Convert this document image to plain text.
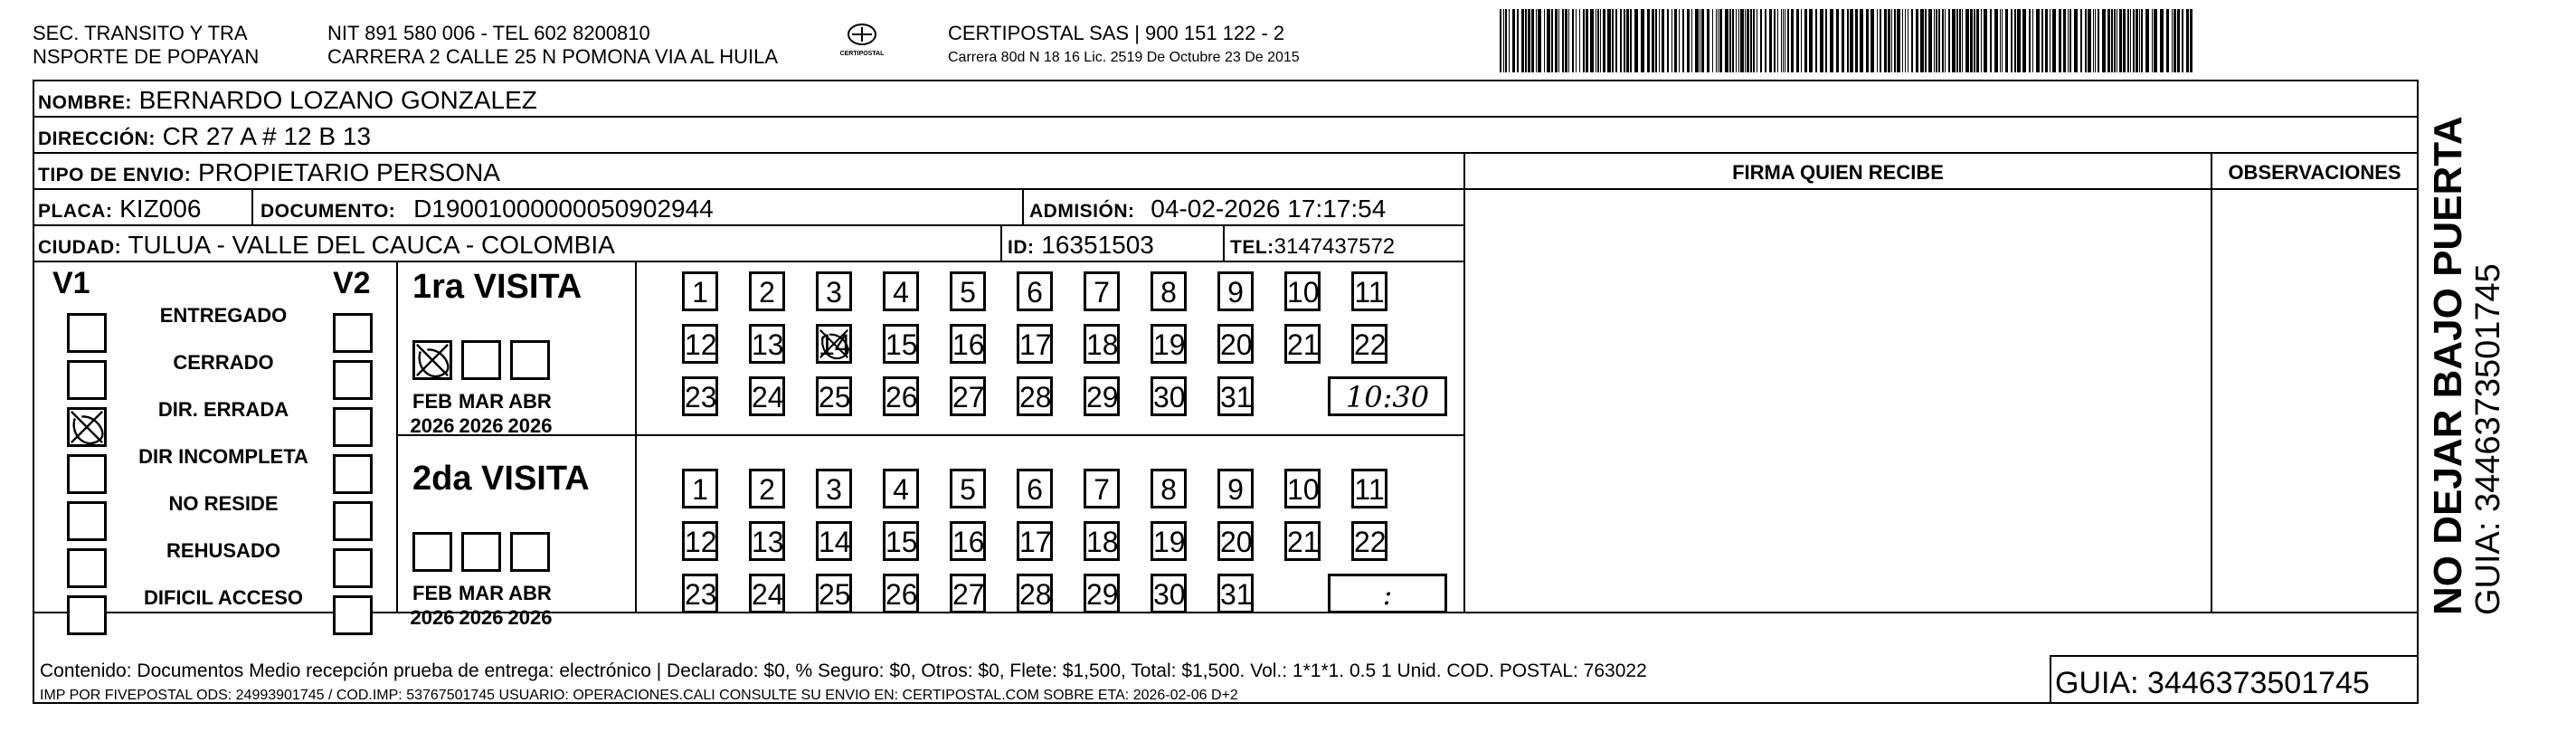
SEC. TRANSITO Y TRA
NSPORTE DE POPAYAN
NIT 891 580 006 - TEL 602 8200810
CARRERA 2 CALLE 25 N POMONA VIA AL HUILA	CERTIPOSTAL
CERTIPOSTAL SAS | 900 151 122 - 2
Carrera 80d N 18 16 Lic. 2519 De Octubre 23 De 2015
NOMBRE: BERNARDO LOZANO GONZALEZ
DIRECCIÓN: CR 27 A # 12 B 13
TIPO DE ENVIO: PROPIETARIO PERSONA
PLACA: KIZ006	DOCUMENTO: D19001000000050902944	ADMISIÓN: 04-02-2026 17:17:54
CIUDAD: TULUA - VALLE DEL CAUCA - COLOMBIA	ID: 16351503	TEL:3147437572
FIRMA QUIEN RECIBE	OBSERVACIONES
V1	V2
ENTREGADO
CERRADO
DIR. ERRADA
DIR INCOMPLETA
NO RESIDE
REHUSADO
DIFICIL ACCESO
1ra VISITA
2da VISITA
FEB
2026
MAR
2026
ABR
2026
FEB
2026
MAR
2026
ABR
2026
1	2	3	4	5	6	7	8	9	10 11
12 13 14 15 16 17 18 19 20 21 22
23 24 25 26 27 28 29 30 31	10:30
1	2	3	4	5	6	7	8	9	10 11
12 13 14 15 16 17 18 19 20 21 22
23 24 25 26 27 28 29 30 31	:
Contenido: Documentos Medio recepción prueba de entrega: electrónico | Declarado: $0, % Seguro: $0, Otros: $0, Flete: $1,500, Total: $1,500. Vol.: 1*1*1. 0.5 1 Unid. COD. POSTAL: 763022
IMP POR FIVEPOSTAL ODS: 24993901745 / COD.IMP: 53767501745 USUARIO: OPERACIONES.CALI CONSULTE SU ENVIO EN: CERTIPOSTAL.COM SOBRE ETA: 2026-02-06 D+2	GUIA: 3446373501745
NO DEJAR BAJO PUERTA GUIA: 3446373501745
